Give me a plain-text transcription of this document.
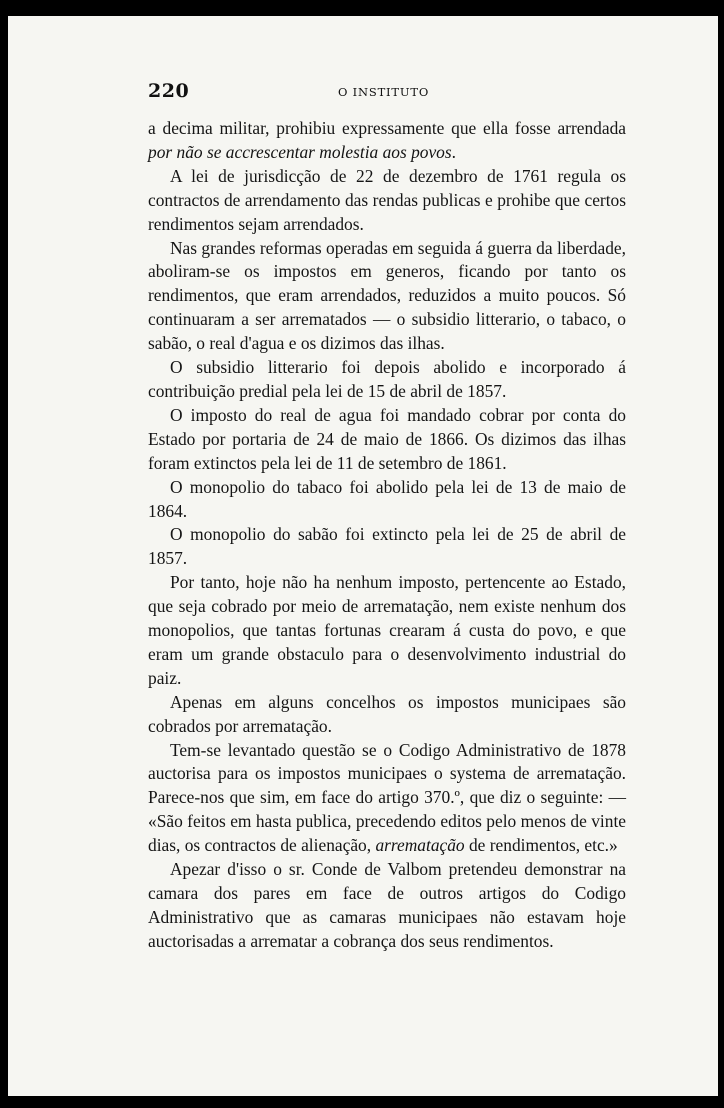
220	O INSTITUTO

a decima militar, prohibiu expressamente que ella fosse arrendada por não se accrescentar molestia aos povos.

A lei de jurisdicção de 22 de dezembro de 1761 regula os contractos de arrendamento das rendas publicas e prohibe que certos rendimentos sejam arrendados.

Nas grandes reformas operadas em seguida á guerra da liberdade, aboliram-se os impostos em generos, ficando por tanto os rendimentos, que eram arrendados, reduzidos a muito poucos. Só continuaram a ser arrematados — o subsidio litterario, o tabaco, o sabão, o real d'agua e os dizimos das ilhas.

O subsidio litterario foi depois abolido e incorporado á contribuição predial pela lei de 15 de abril de 1857.

O imposto do real de agua foi mandado cobrar por conta do Estado por portaria de 24 de maio de 1866. Os dizimos das ilhas foram extinctos pela lei de 11 de setembro de 1861.

O monopolio do tabaco foi abolido pela lei de 13 de maio de 1864.

O monopolio do sabão foi extincto pela lei de 25 de abril de 1857.

Por tanto, hoje não ha nenhum imposto, pertencente ao Estado, que seja cobrado por meio de arrematação, nem existe nenhum dos monopolios, que tantas fortunas crearam á custa do povo, e que eram um grande obstaculo para o desenvolvimento industrial do paiz.

Apenas em alguns concelhos os impostos municipaes são cobrados por arrematação.

Tem-se levantado questão se o Codigo Administrativo de 1878 auctorisa para os impostos municipaes o systema de arrematação. Parece-nos que sim, em face do artigo 370.º, que diz o seguinte: — «São feitos em hasta publica, precedendo editos pelo menos de vinte dias, os contractos de alienação, arrematação de rendimentos, etc.»

Apezar d'isso o sr. Conde de Valbom pretendeu demonstrar na camara dos pares em face de outros artigos do Codigo Administrativo que as camaras municipaes não estavam hoje auctorisadas a arrematar a cobrança dos seus rendimentos.
